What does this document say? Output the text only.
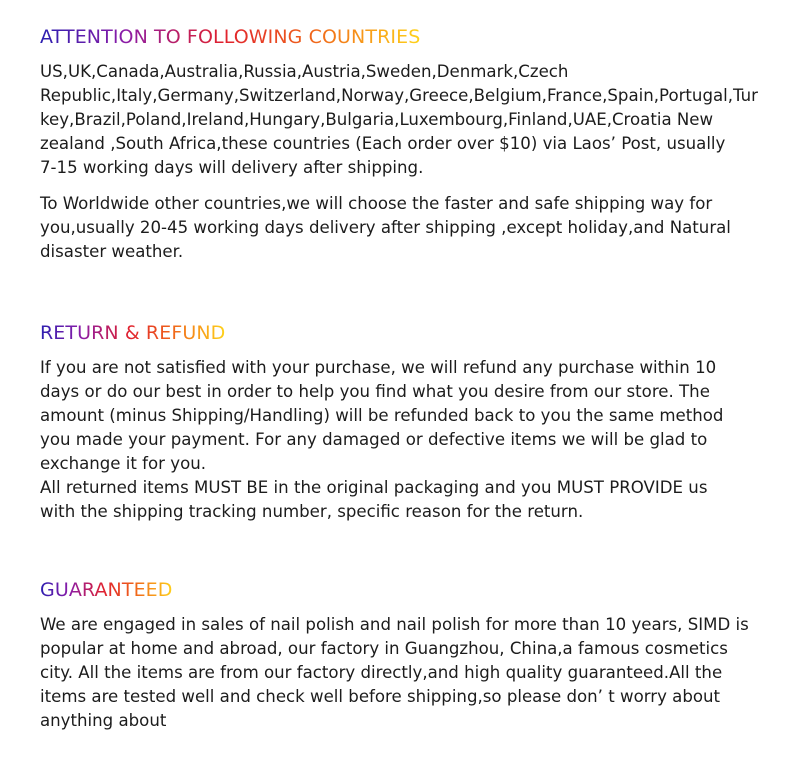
ATTENTION TO FOLLOWING COUNTRIES

US,UK,Canada,Australia,Russia,Austria,Sweden,Denmark,Czech
Republic,Italy,Germany,Switzerland,Norway,Greece,Belgium,France,Spain,Portugal,Tur
key,Brazil,Poland,Ireland,Hungary,Bulgaria,Luxembourg,Finland,UAE,Croatia New
zealand ,South Africa,these countries (Each order over $10) via Laos’ Post, usually
7-15 working days will delivery after shipping.

To Worldwide other countries,we will choose the faster and safe shipping way for
you,usually 20-45 working days delivery after shipping ,except holiday,and Natural
disaster weather.

RETURN & REFUND

If you are not satisfied with your purchase, we will refund any purchase within 10
days or do our best in order to help you find what you desire from our store. The
amount (minus Shipping/Handling) will be refunded back to you the same method
you made your payment. For any damaged or defective items we will be glad to
exchange it for you.
All returned items MUST BE in the original packaging and you MUST PROVIDE us
with the shipping tracking number, specific reason for the return.

GUARANTEED

We are engaged in sales of nail polish and nail polish for more than 10 years, SIMD is
popular at home and abroad, our factory in Guangzhou, China,a famous cosmetics
city. All the items are from our factory directly,and high quality guaranteed.All the
items are tested well and check well before shipping,so please don’ t worry about
anything about
